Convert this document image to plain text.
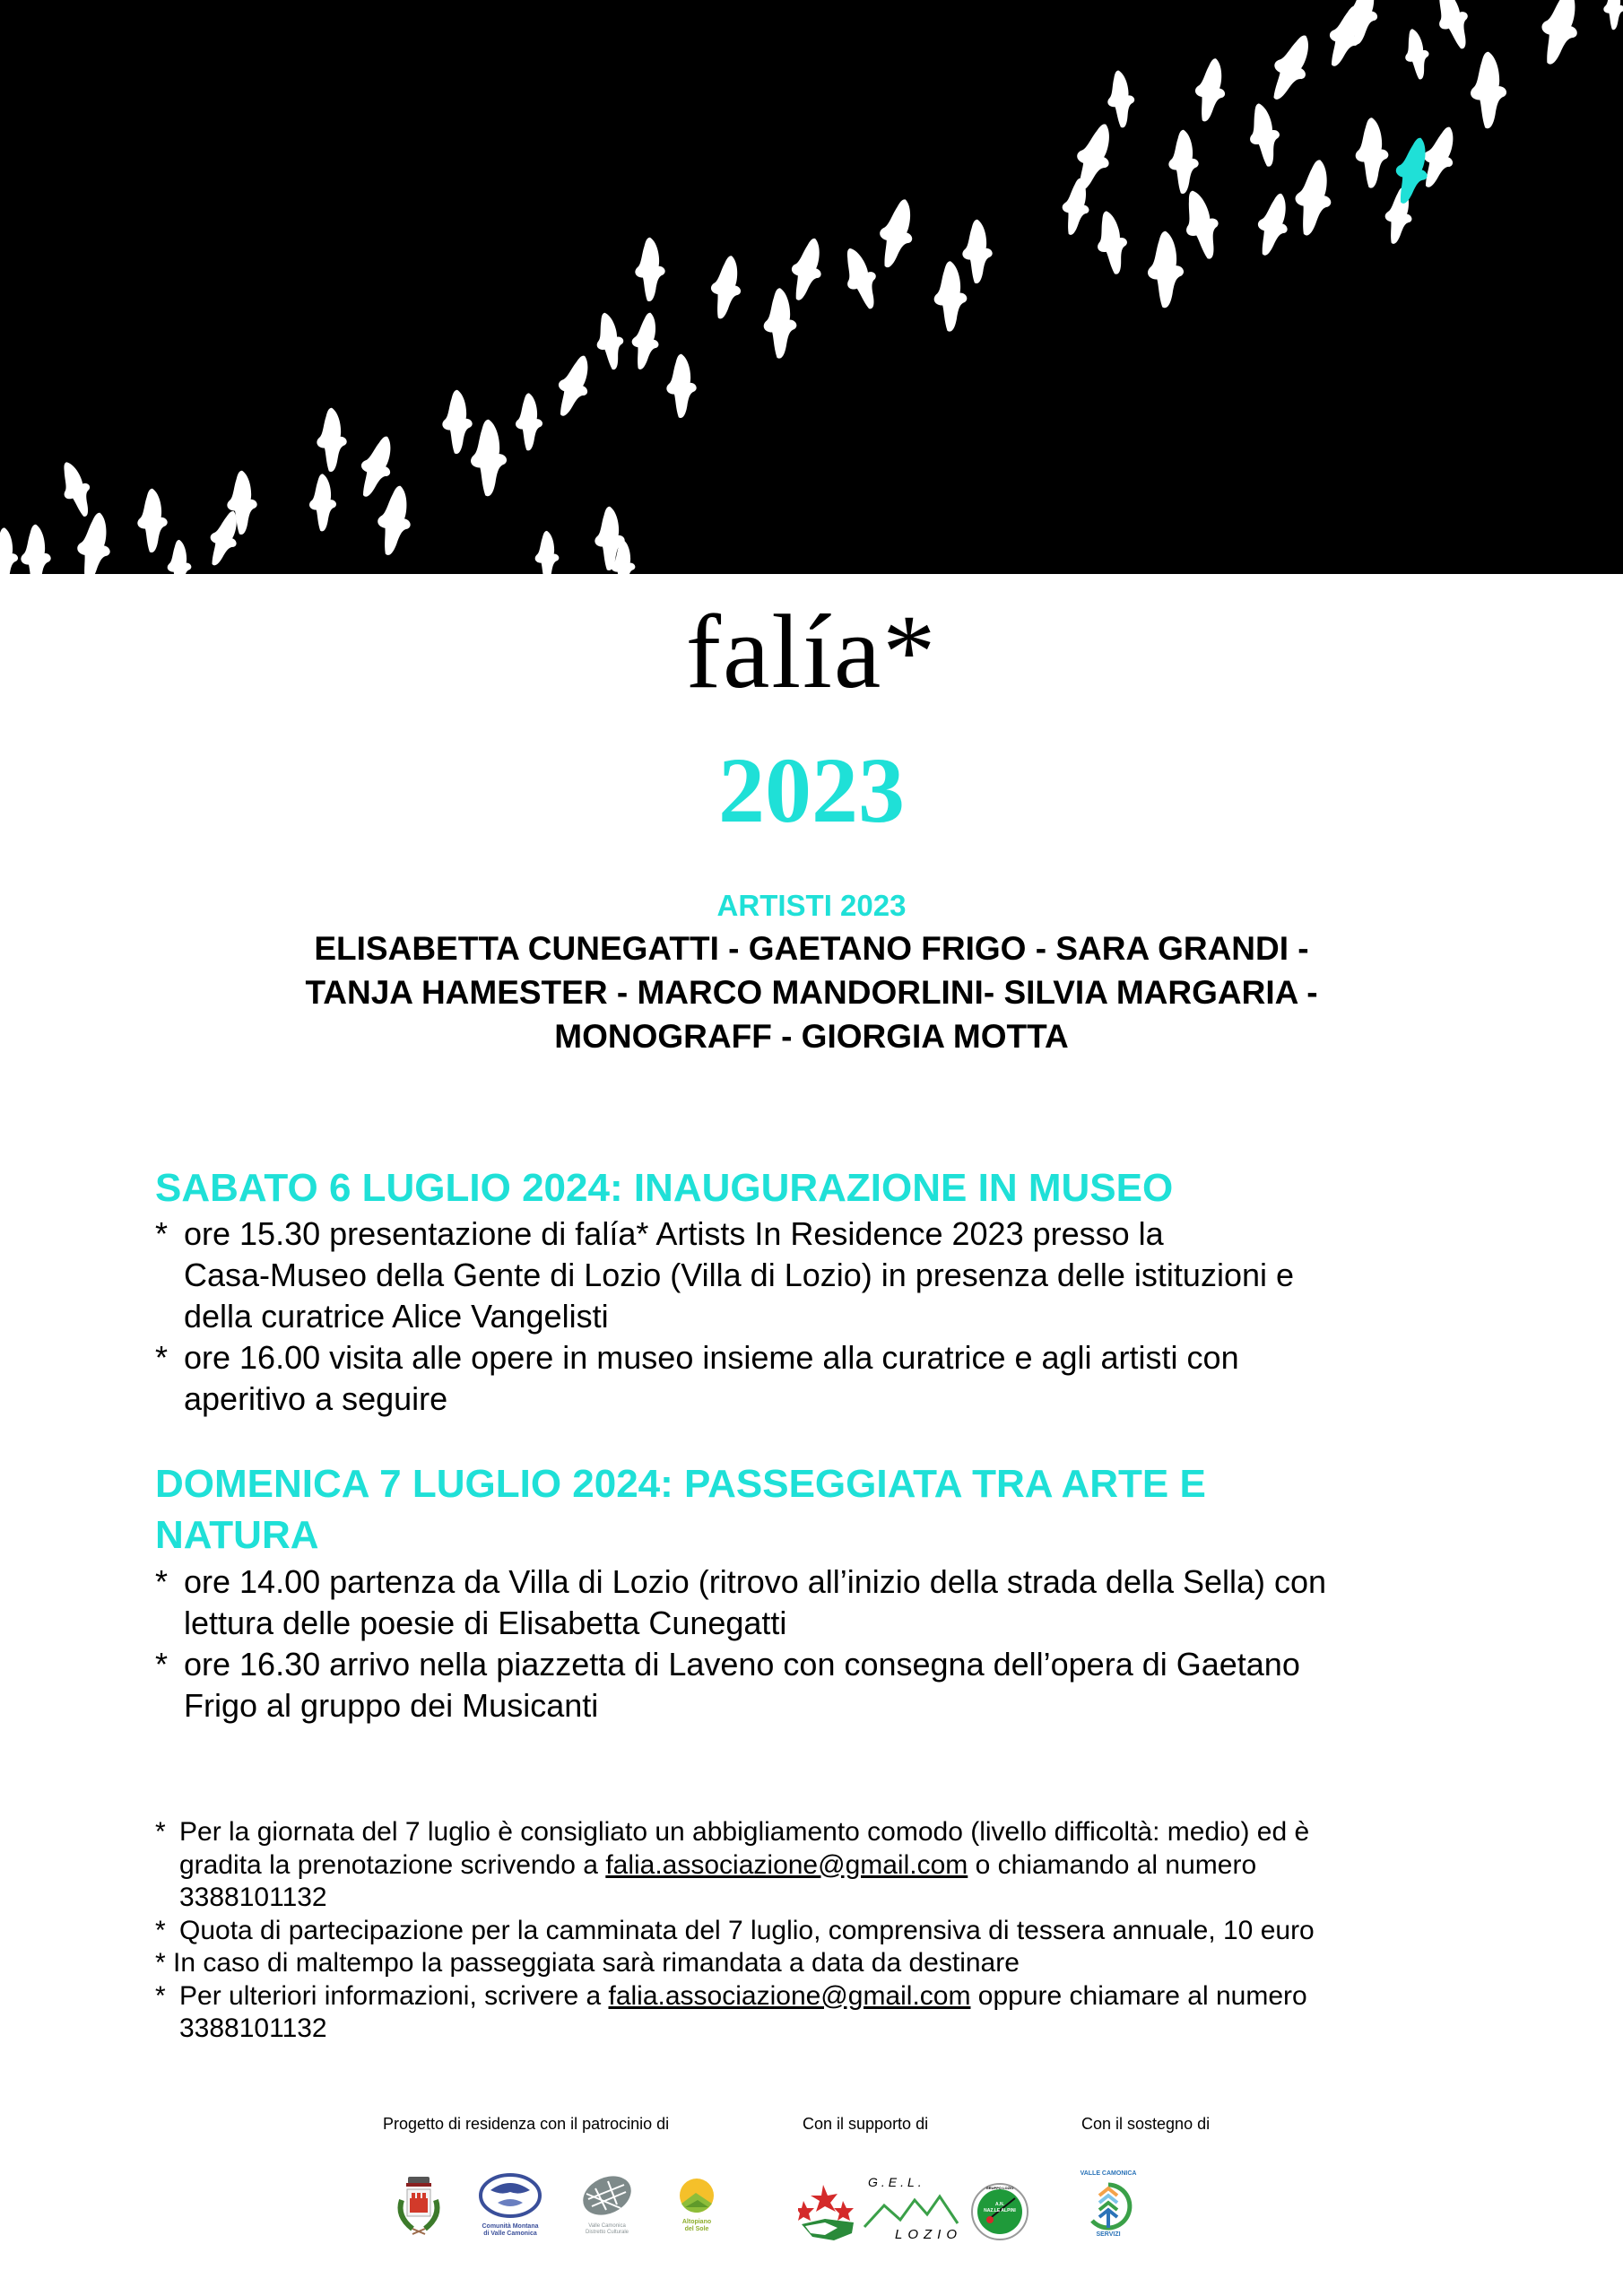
falía*
2023
ARTISTI 2023
ELISABETTA CUNEGATTI - GAETANO FRIGO - SARA GRANDI -
TANJA HAMESTER - MARCO MANDORLINI- SILVIA MARGARIA -
MONOGRAFF - GIORGIA MOTTA
SABATO 6 LUGLIO 2024: INAUGURAZIONE IN MUSEO
* ore 15.30 presentazione di falía* Artists In Residence 2023 presso la
Casa-Museo della Gente di Lozio (Villa di Lozio) in presenza delle istituzioni e
della curatrice Alice Vangelisti
* ore 16.00 visita alle opere in museo insieme alla curatrice e agli artisti con
aperitivo a seguire
DOMENICA 7 LUGLIO 2024: PASSEGGIATA TRA ARTE E
NATURA
* ore 14.00 partenza da Villa di Lozio (ritrovo all’inizio della strada della Sella) con
lettura delle poesie di Elisabetta Cunegatti
* ore 16.30 arrivo nella piazzetta di Laveno con consegna dell’opera di Gaetano
Frigo al gruppo dei Musicanti
* Per la giornata del 7 luglio è consigliato un abbigliamento comodo (livello difficoltà: medio) ed è
gradita la prenotazione scrivendo a falia.associazione@gmail.com o chiamando al numero
3388101132
* Quota di partecipazione per la camminata del 7 luglio, comprensiva di tessera annuale, 10 euro
* In caso di maltempo la passeggiata sarà rimandata a data da destinare
* Per ulteriori informazioni, scrivere a falia.associazione@gmail.com oppure chiamare al numero
3388101132
Progetto di residenza con il patrocinio di	Con il supporto di	Con il sostegno di
Comunità Montana
di Valle Camonica
Valle Camonica
Distretto Culturale
Altopiano
del Sole
G.E.L.
LOZIO
A.N.
NAZ.LE ALPINI
GRUPPO LOZIO
VALLE CAMONICA
SERVIZI
